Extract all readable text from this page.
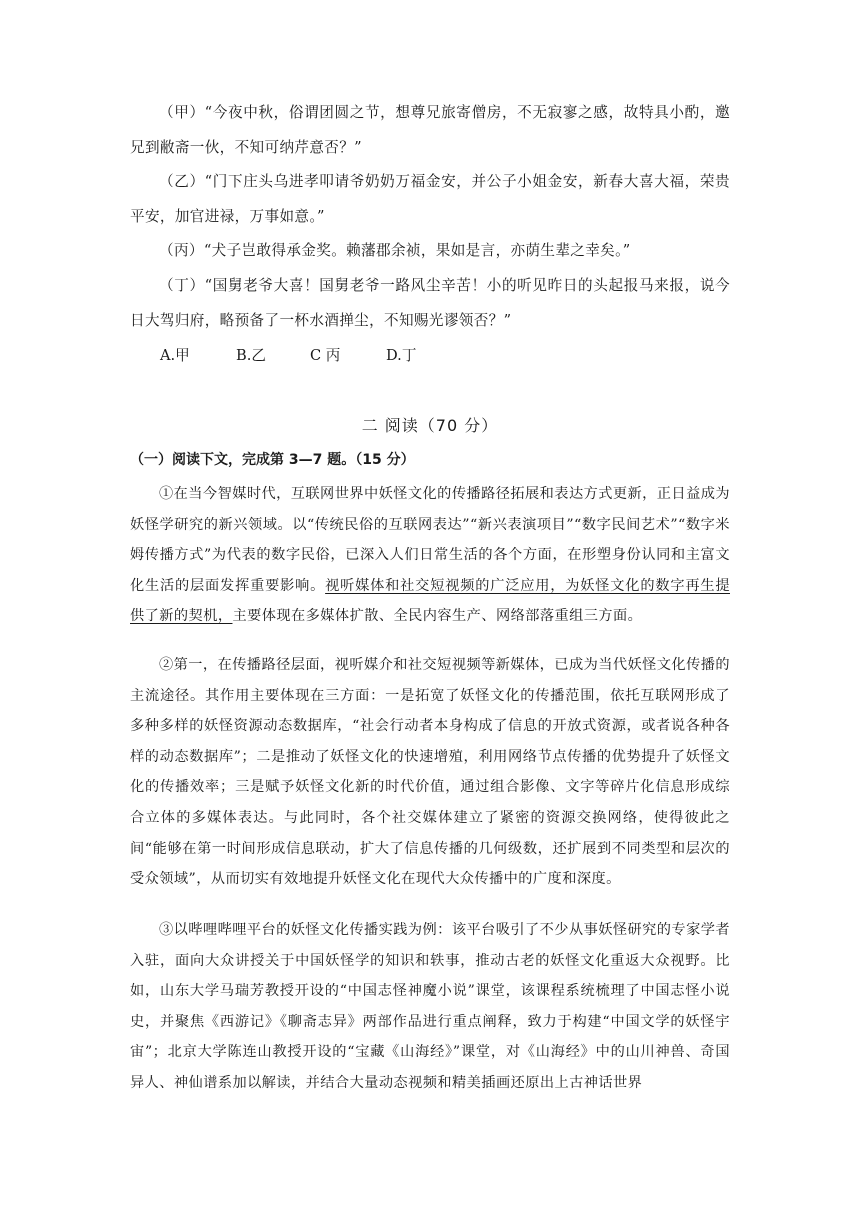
（甲）“今夜中秋，俗谓团圆之节，想尊兄旅寄僧房，不无寂寥之感，故特具小酌，邀兄到敝斋一伙，不知可纳芹意否？”
（乙）“门下庄头乌进孝叩请爷奶奶万福金安，并公子小姐金安，新春大喜大福，荣贵平安，加官进禄，万事如意。”
（丙）“犬子岂敢得承金奖。赖藩郡余祯，果如是言，亦荫生辈之幸矣。”
（丁）“国舅老爷大喜！国舅老爷一路风尘辛苦！小的听见昨日的头起报马来报，说今日大驾归府，略预备了一杯水酒掸尘，不知赐光谬领否？”
A.甲	B.乙	C 丙	D.丁
二 阅读（70 分）
（一）阅读下文，完成第 3—7 题。（15 分）
①在当今智媒时代，互联网世界中妖怪文化的传播路径拓展和表达方式更新，正日益成为妖怪学研究的新兴领域。以“传统民俗的互联网表达”“新兴表演项目”“数字民间艺术”“数字米姆传播方式”为代表的数字民俗，已深入人们日常生活的各个方面，在形塑身份认同和主富文化生活的层面发挥重要影响。视听媒体和社交短视频的广泛应用，为妖怪文化的数字再生提供了新的契机，主要体现在多媒体扩散、全民内容生产、网络部落重组三方面。
②第一，在传播路径层面，视听媒介和社交短视频等新媒体，已成为当代妖怪文化传播的主流途径。其作用主要体现在三方面：一是拓宽了妖怪文化的传播范围，依托互联网形成了多种多样的妖怪资源动态数据库，“社会行动者本身构成了信息的开放式资源，或者说各种各样的动态数据库”；二是推动了妖怪文化的快速增殖，利用网络节点传播的优势提升了妖怪文化的传播效率；三是赋予妖怪文化新的时代价值，通过组合影像、文字等碎片化信息形成综合立体的多媒体表达。与此同时，各个社交媒体建立了紧密的资源交换网络，使得彼此之间“能够在第一时间形成信息联动，扩大了信息传播的几何级数，还扩展到不同类型和层次的受众领域”，从而切实有效地提升妖怪文化在现代大众传播中的广度和深度。
③以哔哩哔哩平台的妖怪文化传播实践为例：该平台吸引了不少从事妖怪研究的专家学者入驻，面向大众讲授关于中国妖怪学的知识和轶事，推动古老的妖怪文化重返大众视野。比如，山东大学马瑞芳教授开设的“中国志怪神魔小说”课堂，该课程系统梳理了中国志怪小说史，并聚焦《西游记》《聊斋志异》两部作品进行重点阐释，致力于构建“中国文学的妖怪宇宙”；北京大学陈连山教授开设的“宝藏《山海经》”课堂，对《山海经》中的山川神兽、奇国异人、神仙谱系加以解读，并结合大量动态视频和精美插画还原出上古神话世界
